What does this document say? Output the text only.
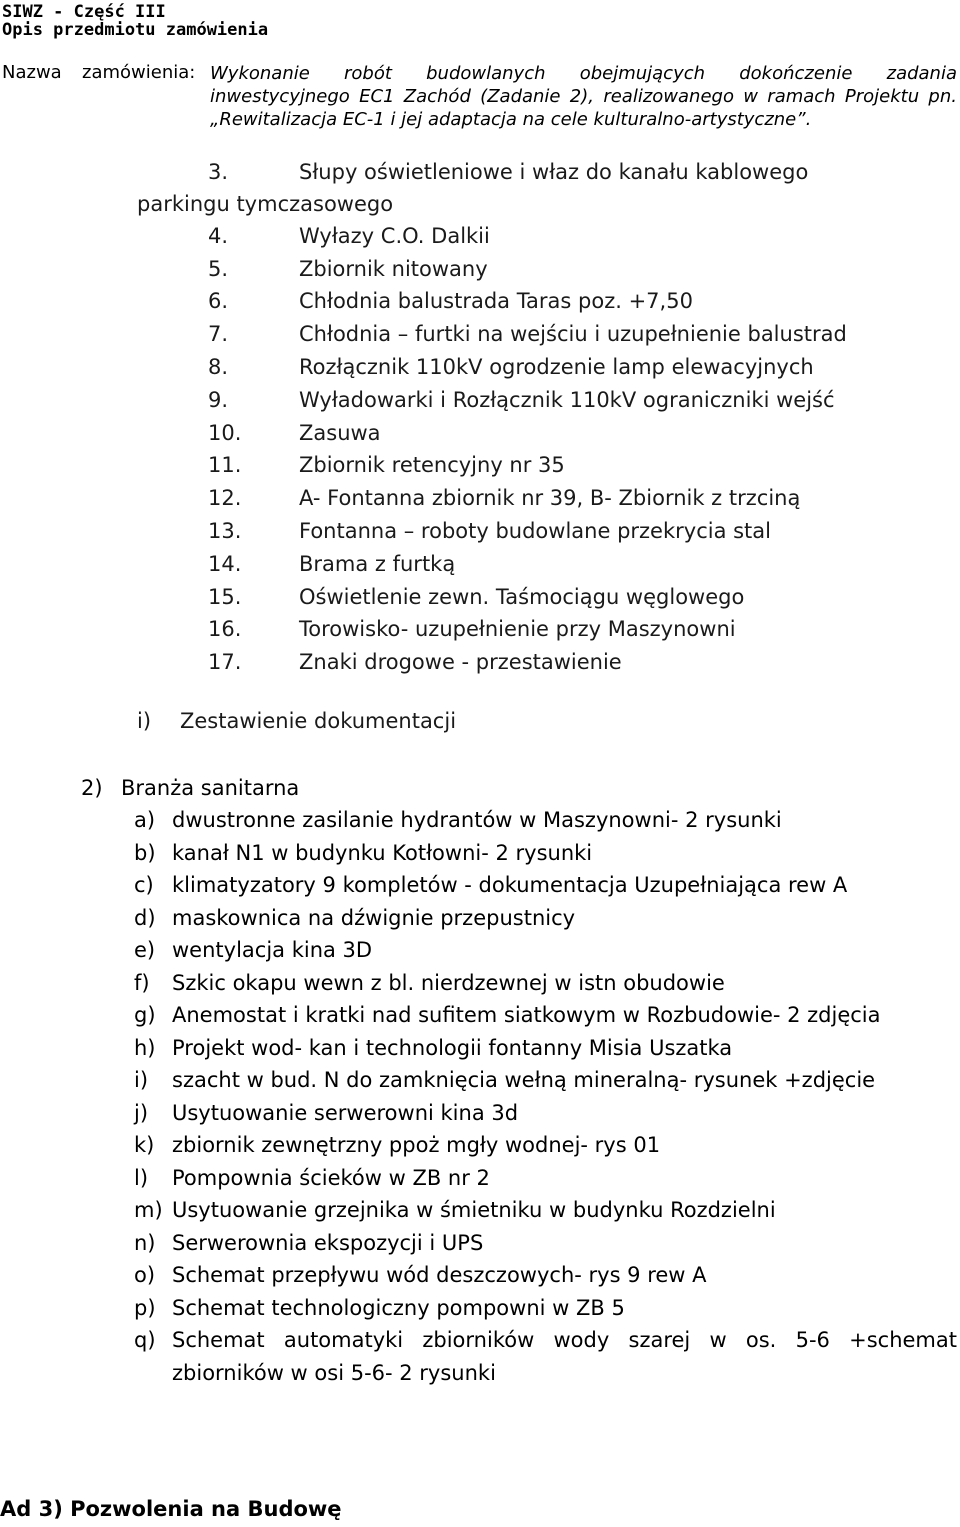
SIWZ - Część III
Opis przedmiotu zamówienia
Nazwa zamówienia: Wykonanie robót budowlanych obejmujących dokończenie zadania inwestycyjnego EC1 Zachód (Zadanie 2), realizowanego w ramach Projektu pn. „Rewitalizacja EC-1 i jej adaptacja na cele kulturalno-artystyczne”.
3.	Słupy oświetleniowe i właz do kanału kablowego
parkingu tymczasowego
4.	Wyłazy C.O. Dalkii
5.	Zbiornik nitowany
6.	Chłodnia balustrada Taras poz. +7,50
7.	Chłodnia – furtki na wejściu i uzupełnienie balustrad
8.	Rozłącznik 110kV ogrodzenie lamp elewacyjnych
9.	Wyładowarki i Rozłącznik 110kV ograniczniki wejść
10.	Zasuwa
11.	Zbiornik retencyjny nr 35
12.	A- Fontanna zbiornik nr 39, B- Zbiornik z trzciną
13.	Fontanna – roboty budowlane przekrycia stal
14.	Brama z furtką
15.	Oświetlenie zewn. Taśmociągu węglowego
16.	Torowisko- uzupełnienie przy Maszynowni
17.	Znaki drogowe - przestawienie
i) Zestawienie dokumentacji
2) Branża sanitarna
a) dwustronne zasilanie hydrantów w Maszynowni- 2 rysunki
b) kanał N1 w budynku Kotłowni- 2 rysunki
c) klimatyzatory 9 kompletów - dokumentacja Uzupełniająca rew A
d) maskownica na dźwignie przepustnicy
e) wentylacja kina 3D
f) Szkic okapu wewn z bl. nierdzewnej w istn obudowie
g) Anemostat i kratki nad sufitem siatkowym w Rozbudowie- 2 zdjęcia
h) Projekt wod- kan i technologii fontanny Misia Uszatka
i) szacht w bud. N do zamknięcia wełną mineralną- rysunek +zdjęcie
j) Usytuowanie serwerowni kina 3d
k) zbiornik zewnętrzny ppoż mgły wodnej- rys 01
l) Pompownia ścieków w ZB nr 2
m) Usytuowanie grzejnika w śmietniku w budynku Rozdzielni
n) Serwerownia ekspozycji i UPS
o) Schemat przepływu wód deszczowych- rys 9 rew A
p) Schemat technologiczny pompowni w ZB 5
q) Schemat automatyki zbiorników wody szarej w os. 5-6 +schemat zbiorników w osi 5-6- 2 rysunki
Ad 3) Pozwolenia na Budowę
